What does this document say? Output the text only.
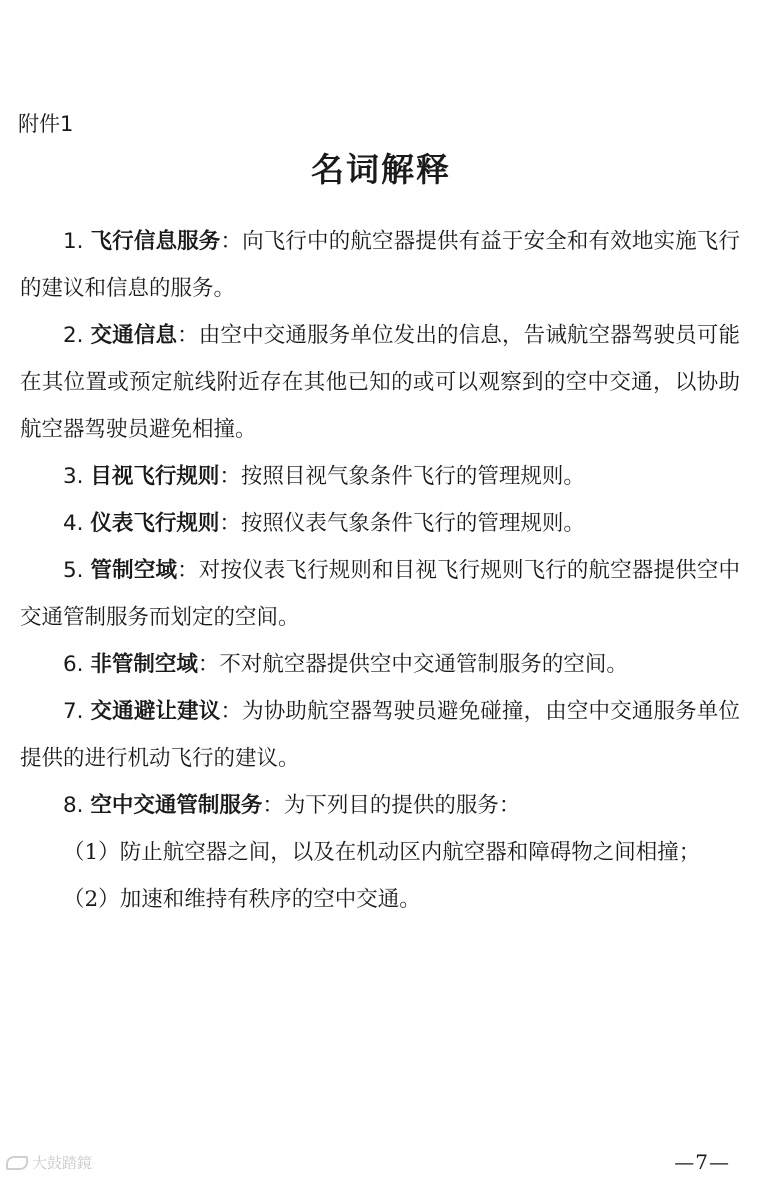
附件1
名词解释

1. 飞行信息服务：向飞行中的航空器提供有益于安全和有效地实施飞行的建议和信息的服务。

2. 交通信息：由空中交通服务单位发出的信息，告诫航空器驾驶员可能在其位置或预定航线附近存在其他已知的或可以观察到的空中交通，以协助航空器驾驶员避免相撞。

3. 目视飞行规则：按照目视气象条件飞行的管理规则。

4. 仪表飞行规则：按照仪表气象条件飞行的管理规则。

5. 管制空域：对按仪表飞行规则和目视飞行规则飞行的航空器提供空中交通管制服务而划定的空间。

6. 非管制空域：不对航空器提供空中交通管制服务的空间。

7. 交通避让建议：为协助航空器驾驶员避免碰撞，由空中交通服务单位提供的进行机动飞行的建议。

8. 空中交通管制服务：为下列目的提供的服务：

（1）防止航空器之间，以及在机动区内航空器和障碍物之间相撞；

（2）加速和维持有秩序的空中交通。

大鼓踏鏡	—7—
